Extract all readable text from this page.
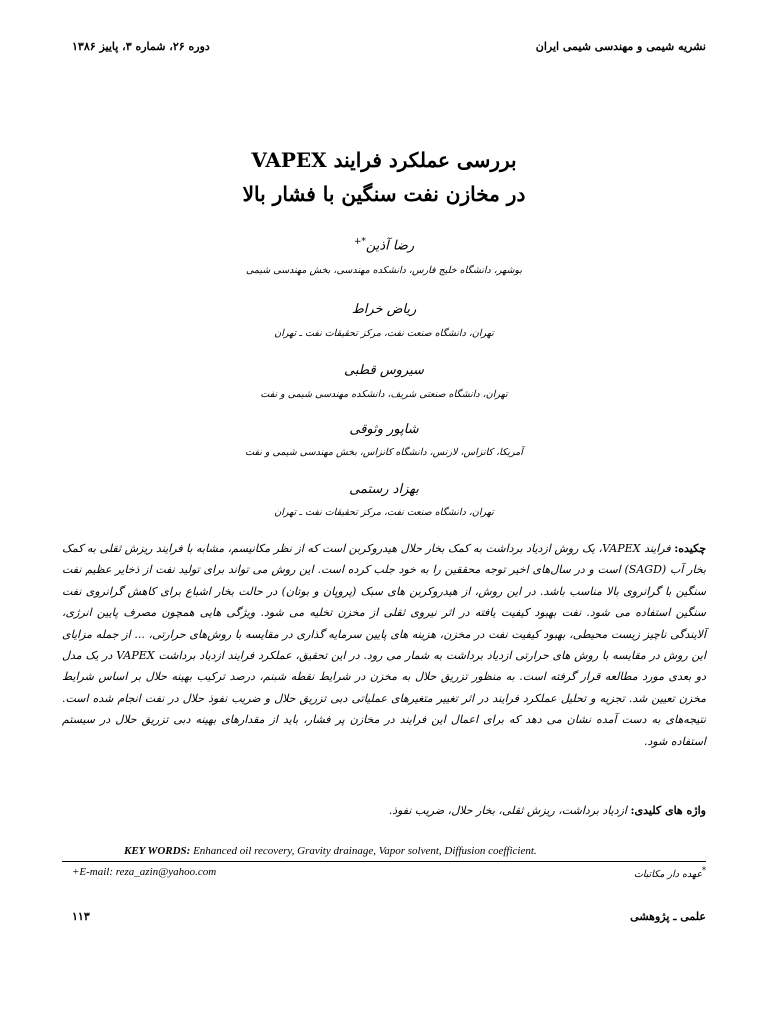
نشریه شیمی و مهندسی شیمی ایران
دوره ۲۶، شماره ۳، پاییز ۱۳۸۶
بررسی عملکرد فرایند VAPEX
در مخازن نفت سنگین با فشار بالا
رضا آذین*+
بوشهر، دانشگاه خلیج فارس، دانشکده مهندسی، بخش مهندسی شیمی
ریاض خراط
تهران، دانشگاه صنعت نفت، مرکز تحقیقات نفت ـ تهران
سیروس قطبی
تهران، دانشگاه صنعتی شریف، دانشکده مهندسی شیمی و نفت
شاپور وثوقی
آمریکا، کانزاس، لارنس، دانشگاه کانزاس، بخش مهندسی شیمی و نفت
بهزاد رستمی
تهران، دانشگاه صنعت نفت، مرکز تحقیقات نفت ـ تهران
چکیده: فرایند VAPEX، یک روش ازدیاد برداشت به کمک بخار حلال هیدروکربن است که از نظر مکانیسم، مشابه با فرایند ریزش ثقلی به کمک بخار آب (SAGD) است و در سال‌های اخیر توجه محققین را به خود جلب کرده است. این روش می تواند برای تولید نفت از ذخایر عظیم نفت سنگین با گرانروی بالا مناسب باشد. در این روش، از هیدروکربن های سبک (پروپان و بوتان) در حالت بخار اشباع برای کاهش گرانروی نفت سنگین استفاده می شود. نفت بهبود کیفیت یافته در اثر نیروی ثقلی از مخزن تخلیه می شود. ویژگی هایی همچون مصرف پایین انرژی، آلایندگی ناچیز زیست محیطی، بهبود کیفیت نفت در مخزن، هزینه های پایین سرمایه گذاری در مقایسه با روش‌های حرارتی، ... از جمله مزایای این روش در مقایسه با روش های حرارتی ازدیاد برداشت به شمار می رود. در این تحقیق، عملکرد فرایند ازدیاد برداشت VAPEX در یک مدل دو بعدی مورد مطالعه قرار گرفته است. به منظور تزریق حلال به مخزن در شرایط نقطه شبنم، درصد ترکیب بهینه حلال بر اساس شرایط مخزن تعیین شد. تجزیه و تحلیل عملکرد فرایند در اثر تغییر متغیرهای عملیاتی دبی تزریق حلال و ضریب نفوذ حلال در نفت انجام شده است. نتیجه‌های به دست آمده نشان می دهد که برای اعمال این فرایند در مخازن پر فشار، باید از مقدارهای بهینه دبی تزریق حلال در سیستم استفاده شود.
واژه های کلیدی: ازدیاد برداشت، ریزش ثقلی، بخار حلال، ضریب نفوذ.
KEY WORDS: Enhanced oil recovery, Gravity drainage, Vapor solvent, Diffusion coefficient.
+E-mail: reza_azin@yahoo.com	*عهده دار مکاتبات
علمی ـ پژوهشی
۱۱۳
